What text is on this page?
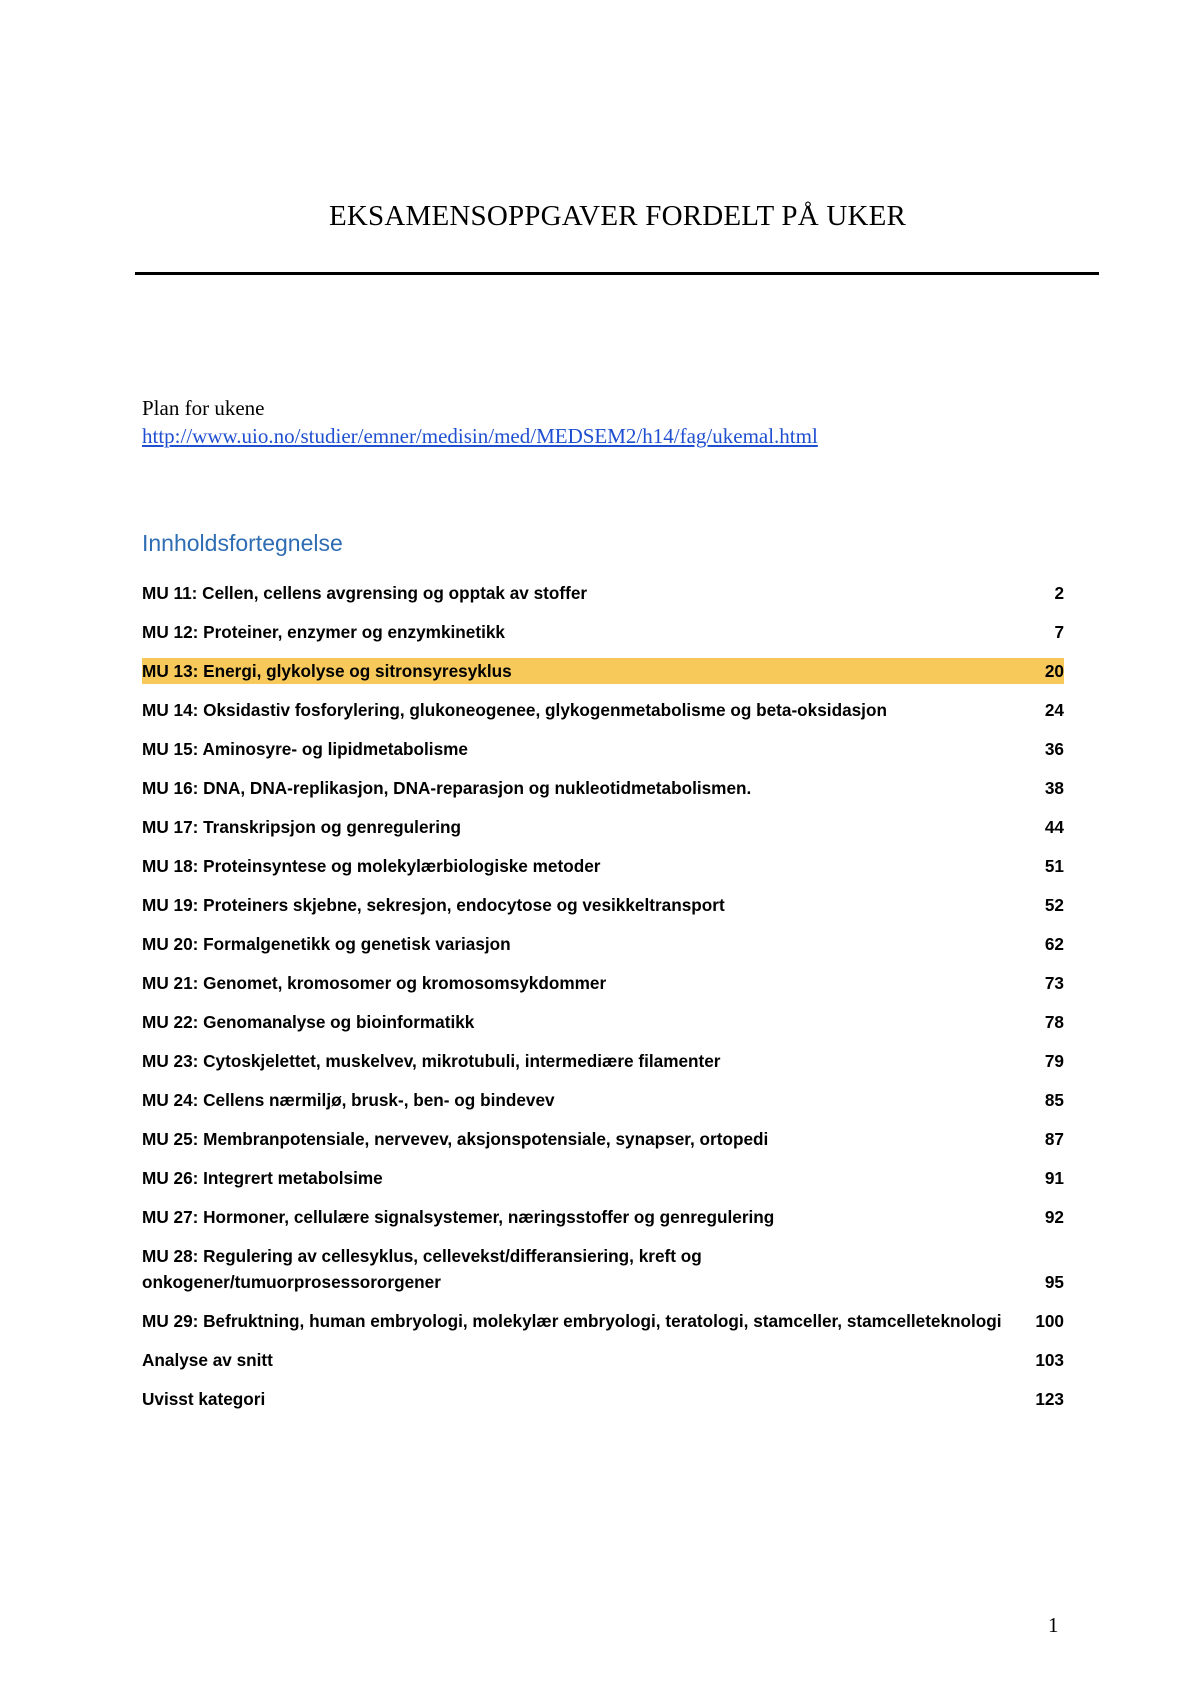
EKSAMENSOPPGAVER FORDELT PÅ UKER
Plan for ukene
http://www.uio.no/studier/emner/medisin/med/MEDSEM2/h14/fag/ukemal.html
Innholdsfortegnelse
MU 11: Cellen, cellens avgrensing og opptak av stoffer	2
MU 12: Proteiner, enzymer og enzymkinetikk	7
MU 13: Energi, glykolyse og sitronsyresyklus	20
MU 14: Oksidastiv fosforylering, glukoneogenee, glykogenmetabolisme og beta-oksidasjon	24
MU 15: Aminosyre- og lipidmetabolisme	36
MU 16: DNA, DNA-replikasjon, DNA-reparasjon og nukleotidmetabolismen.	38
MU 17: Transkripsjon og genregulering	44
MU 18: Proteinsyntese og molekylærbiologiske metoder	51
MU 19: Proteiners skjebne, sekresjon, endocytose og vesikkeltransport	52
MU 20: Formalgenetikk og genetisk variasjon	62
MU 21: Genomet, kromosomer og kromosomsykdommer	73
MU 22: Genomanalyse og bioinformatikk	78
MU 23: Cytoskjelettet, muskelvev, mikrotubuli, intermediære filamenter	79
MU 24: Cellens nærmiljø, brusk-, ben- og bindevev	85
MU 25: Membranpotensiale, nervevev, aksjonspotensiale, synapser, ortopedi	87
MU 26: Integrert metabolsime	91
MU 27: Hormoner, cellulære signalsystemer, næringsstoffer og genregulering	92
MU 28: Regulering av cellesyklus, cellevekst/differansiering, kreft og onkogener/tumuorprosessororgener	95
MU 29: Befruktning, human embryologi, molekylær embryologi, teratologi, stamceller, stamcelleteknologi	100
Analyse av snitt	103
Uvisst kategori	123
1
